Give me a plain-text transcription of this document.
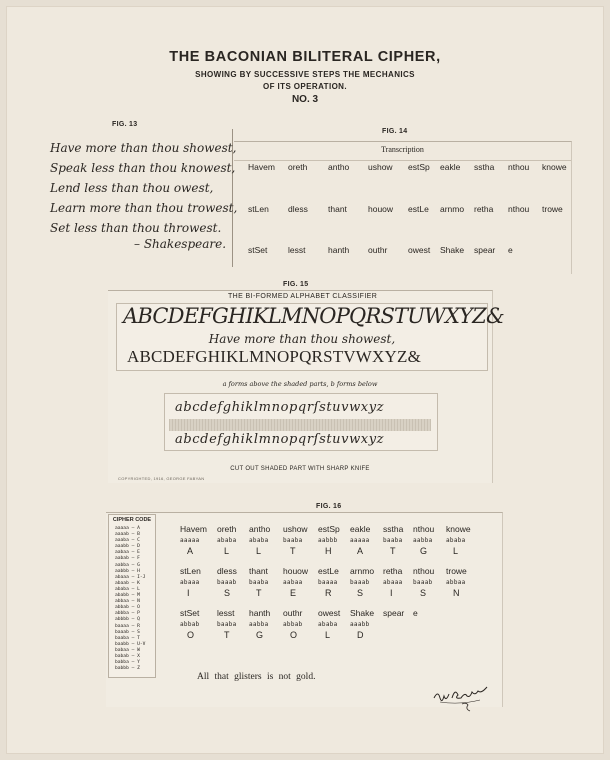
THE BACONIAN BILITERAL CIPHER,
SHOWING BY SUCCESSIVE STEPS THE MECHANICS
OF ITS OPERATION.
NO. 3
FIG. 13
Have more than thou showest,
Speak less than thou knowest,
Lend less than thou owest,
Learn more than thou trowest,
Set less than thou throwest.
– Shakespeare.
FIG. 14
Transcription
Havem	oreth	antho	ushow	estSp	eakle	sstha	nthou	knowe
stLen	dless	thant	houow	estLe	arnmo	retha	nthou	trowe
stSet	lesst	hanth	outhr	owest	Shake	spear	e
FIG. 15
THE BI-FORMED ALPHABET CLASSIFIER
ABCDEFGHIKLMNOPQRSTUWXYZ&
Have more than thou showest,
ABCDEFGHIKLMNOPQRSTVWXYZ&
a forms above the shaded parts, b forms below
abcdefghiklmnopqrſstuvwxyz
abcdefghiklmnopqrſstuvwxyz
CUT OUT SHADED PART WITH SHARP KNIFE
COPYRIGHTED, 1916, GEORGE FABYAN
FIG. 16
CIPHER CODE
aaaaa – A
aaaab – B
aaaba – C
aaabb – D
aabaa – E
aabab – F
aabba – G
aabbb – H
abaaa – I-J
abaab – K
ababa – L
ababb – M
abbaa – N
abbab – O
abbba – P
abbbb – Q
baaaa – R
baaab – S
baaba – T
baabb – U-V
babaa – W
babab – X
babba – Y
babbb – Z
Havem	oreth	antho	ushow	estSp	eakle	sstha	nthou	knowe
aaaaa	ababa	ababa	baaba	aabbb	aaaaa	baaba	aabba	ababa
A	L	L	T	H	A	T	G	L
stLen	dless	thant	houow	estLe	arnmo	retha	nthou	trowe
abaaa	baaab	baaba	aabaa	baaaa	baaab	abaaa	baaab	abbaa
I	S	T	E	R	S	I	S	N
stSet	lesst	hanth	outhr	owest	Shake	spear	e
abbab	baaba	aabba	abbab	ababa	aaabb
O	T	G	O	L	D
All that glisters is not gold.
